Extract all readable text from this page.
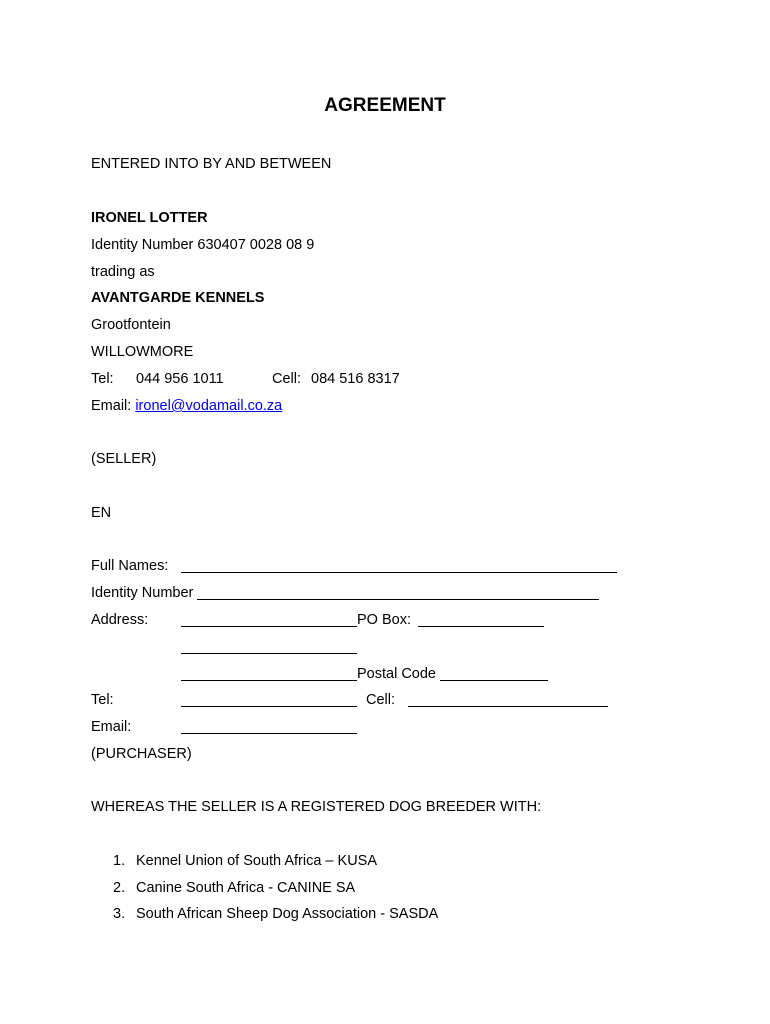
AGREEMENT
ENTERED INTO BY AND BETWEEN
IRONEL LOTTER
Identity Number 630407 0028 08 9
trading as
AVANTGARDE KENNELS
Grootfontein
WILLOWMORE
Tel: 044 956 1011	Cell: 084 516 8317
Email: ironel@vodamail.co.za
(SELLER)
EN
Full Names:
Identity Number
Address:	PO Box:
Postal Code
Tel:	Cell:
Email:
(PURCHASER)
WHEREAS THE SELLER IS A REGISTERED DOG BREEDER WITH:
1. Kennel Union of South Africa – KUSA
2. Canine South Africa - CANINE SA
3. South African Sheep Dog Association - SASDA
